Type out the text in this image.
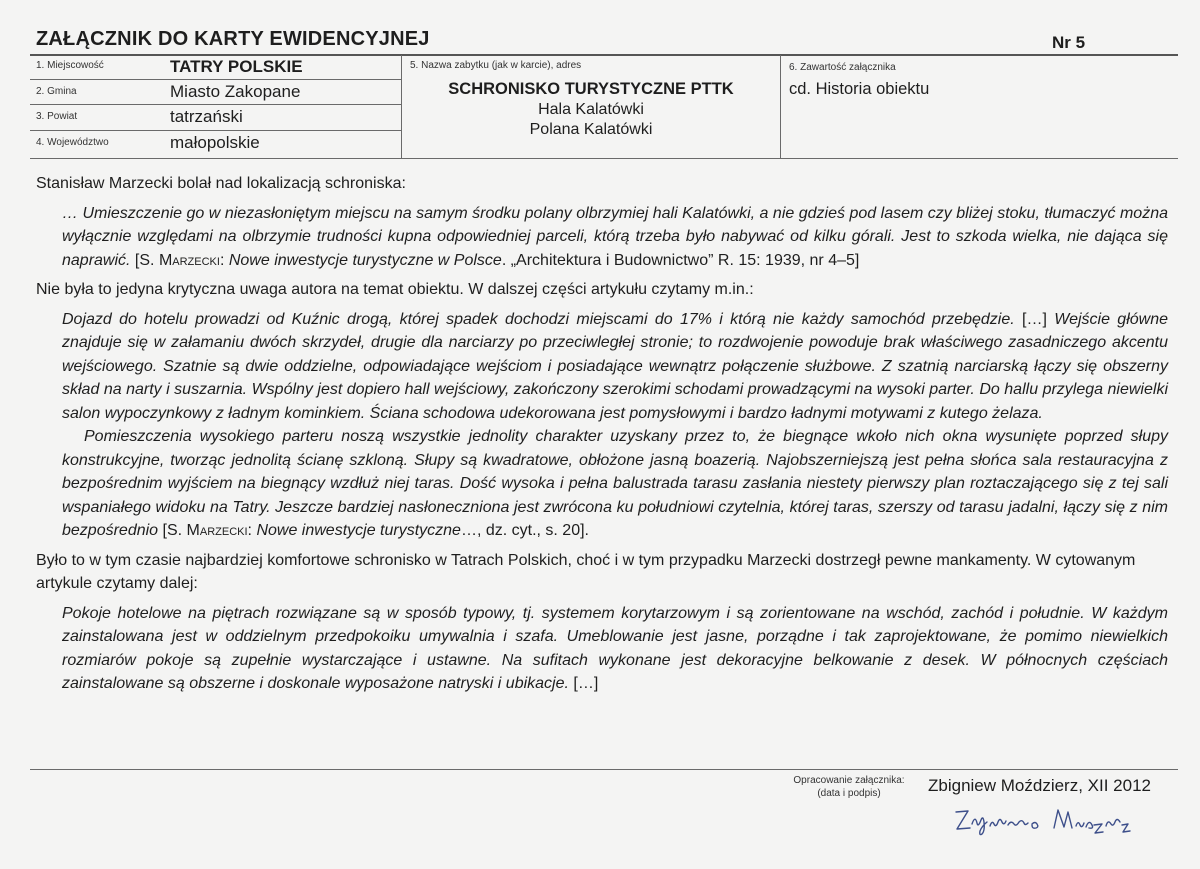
ZAŁĄCZNIK DO KARTY EWIDENCYJNEJ	Nr 5
1. Miejscowość	TATRY POLSKIE
2. Gmina	Miasto Zakopane
3. Powiat	tatrzański
4. Województwo	małopolskie
5. Nazwa zabytku (jak w karcie), adres
SCHRONISKO TURYSTYCZNE PTTK
Hala Kalatówki
Polana Kalatówki
6. Zawartość załącznika
cd. Historia obiektu

Stanisław Marzecki bolał nad lokalizacją schroniska:

… Umieszczenie go w niezasłoniętym miejscu na samym środku polany olbrzymiej hali Kalatówki, a nie gdzieś pod lasem czy bliżej stoku, tłumaczyć można wyłącznie względami na olbrzymie trudności kupna odpowiedniej parceli, którą trzeba było nabywać od kilku górali. Jest to szkoda wielka, nie dająca się naprawić. [S. Marzecki: Nowe inwestycje turystyczne w Polsce. „Architektura i Budownictwo” R. 15: 1939, nr 4–5]

Nie była to jedyna krytyczna uwaga autora na temat obiektu. W dalszej części artykułu czytamy m.in.:

Dojazd do hotelu prowadzi od Kuźnic drogą, której spadek dochodzi miejscami do 17% i którą nie każdy samochód przebędzie. […] Wejście główne znajduje się w załamaniu dwóch skrzydeł, drugie dla narciarzy po przeciwległej stronie; to rozdwojenie powoduje brak właściwego zasadniczego akcentu wejściowego. Szatnie są dwie oddzielne, odpowiadające wejściom i posiadające wewnątrz połączenie służbowe. Z szatnią narciarską łączy się obszerny skład na narty i suszarnia. Wspólny jest dopiero hall wejściowy, zakończony szerokimi schodami prowadzącymi na wysoki parter. Do hallu przylega niewielki salon wypoczynkowy z ładnym kominkiem. Ściana schodowa udekorowana jest pomysłowymi i bardzo ładnymi motywami z kutego żelaza.

Pomieszczenia wysokiego parteru noszą wszystkie jednolity charakter uzyskany przez to, że biegnące wkoło nich okna wysunięte poprzed słupy konstrukcyjne, tworząc jednolitą ścianę szkloną. Słupy są kwadratowe, obłożone jasną boazerią. Najobszerniejszą jest pełna słońca sala restauracyjna z bezpośrednim wyjściem na biegnący wzdłuż niej taras. Dość wysoka i pełna balustrada tarasu zasłania niestety pierwszy plan roztaczającego się z tej sali wspaniałego widoku na Tatry. Jeszcze bardziej nasłoneczniona jest zwrócona ku południowi czytelnia, której taras, szerszy od tarasu jadalni, łączy się z nim bezpośrednio [S. Marzecki: Nowe inwestycje turystyczne…, dz. cyt., s. 20].

Było to w tym czasie najbardziej komfortowe schronisko w Tatrach Polskich, choć i w tym przypadku Marzecki dostrzegł pewne mankamenty. W cytowanym artykule czytamy dalej:

Pokoje hotelowe na piętrach rozwiązane są w sposób typowy, tj. systemem korytarzowym i są zorientowane na wschód, zachód i południe. W każdym zainstalowana jest w oddzielnym przedpokoiku umywalnia i szafa. Umeblowanie jest jasne, porządne i tak zaprojektowane, że pomimo niewielkich rozmiarów pokoje są zupełnie wystarczające i ustawne. Na sufitach wykonane jest dekoracyjne belkowanie z desek. W północnych częściach zainstalowane są obszerne i doskonale wyposażone natryski i ubikacje. […]

Opracowanie załącznika:
(data i podpis)	Zbigniew Moździerz, XII 2012
